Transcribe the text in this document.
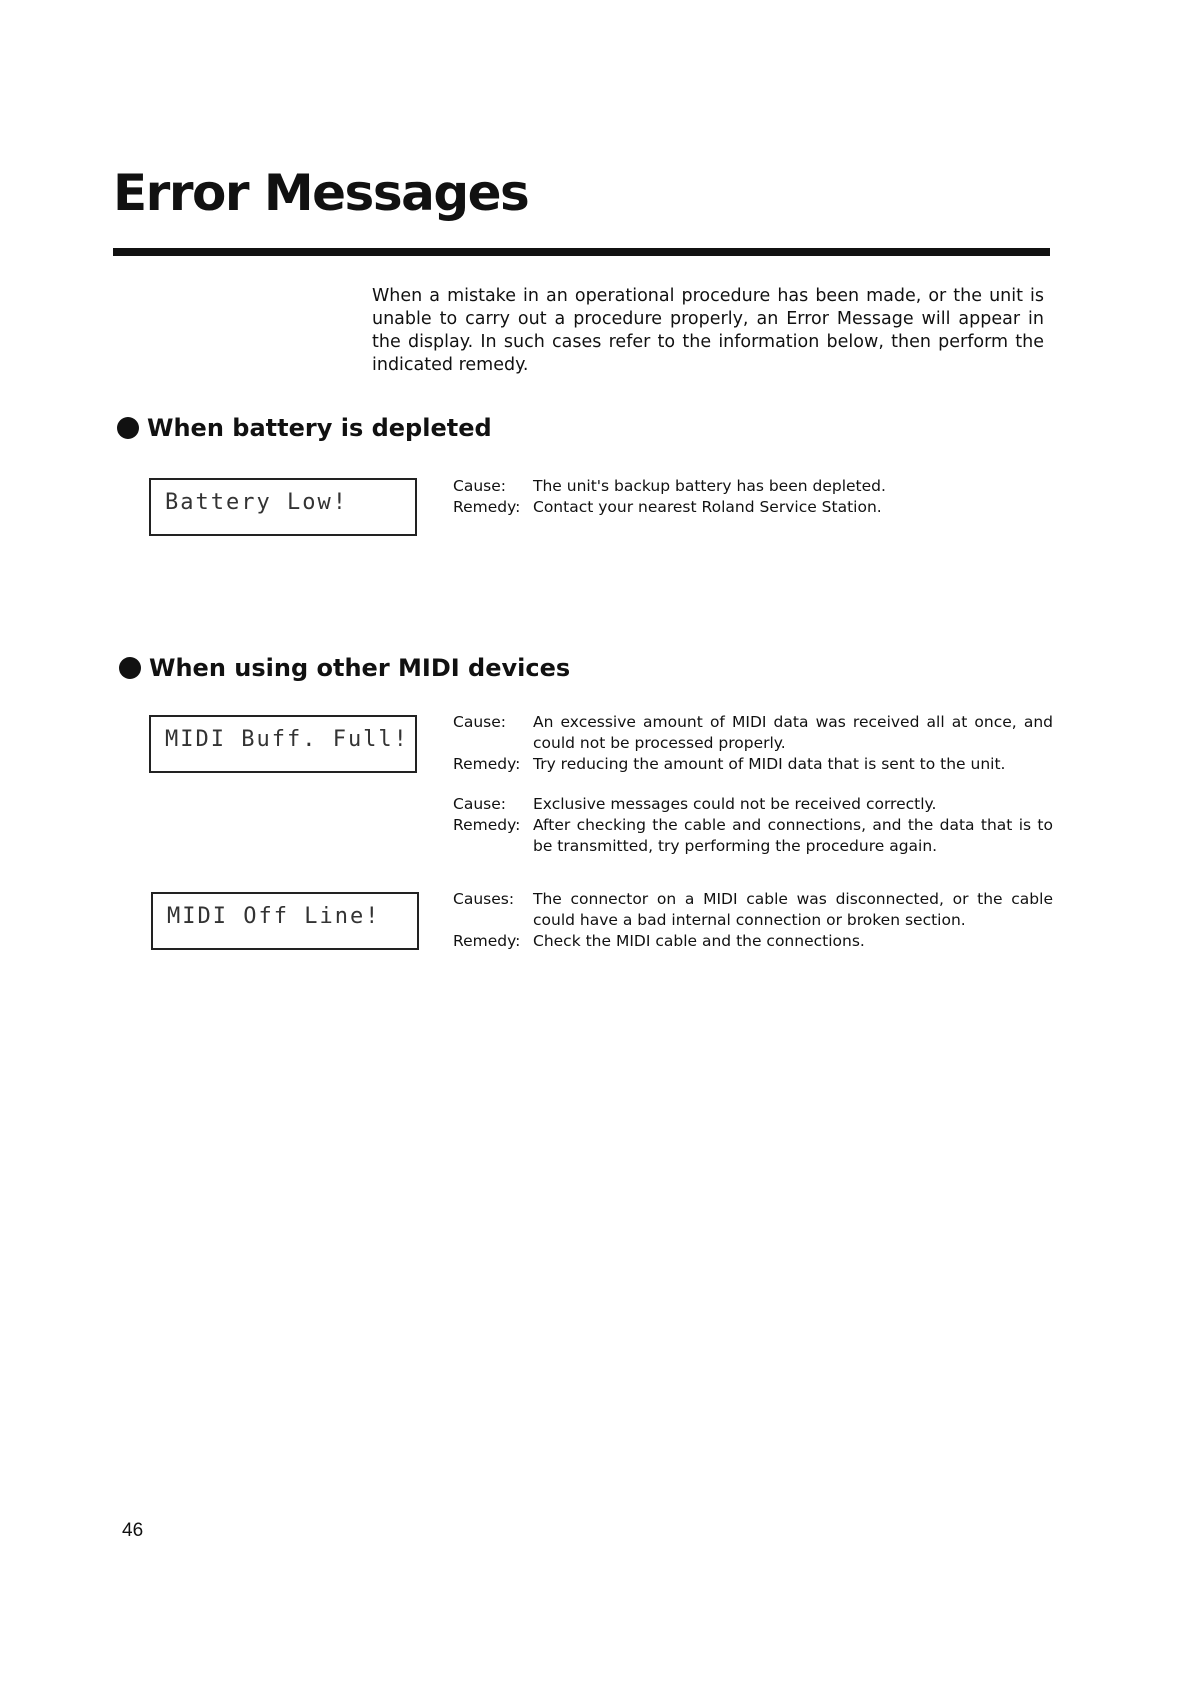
Error Messages

When a mistake in an operational procedure has been made, or the unit is unable to carry out a procedure properly, an Error Message will appear in the display. In such cases refer to the information below, then perform the indicated remedy.

When battery is depleted
Battery Low!
Cause:	The unit's backup battery has been depleted.
Remedy: Contact your nearest Roland Service Station.
When using other MIDI devices
MIDI Buff. Full!
Cause:	An excessive amount of MIDI data was received all at once, and could not be processed properly.
Remedy: Try reducing the amount of MIDI data that is sent to the unit.
Cause:	Exclusive messages could not be received correctly.
Remedy: After checking the cable and connections, and the data that is to be transmitted, try performing the procedure again.
MIDI Off Line!
Causes:	The connector on a MIDI cable was disconnected, or the cable could have a bad internal connection or broken section.
Remedy: Check the MIDI cable and the connections.
46
